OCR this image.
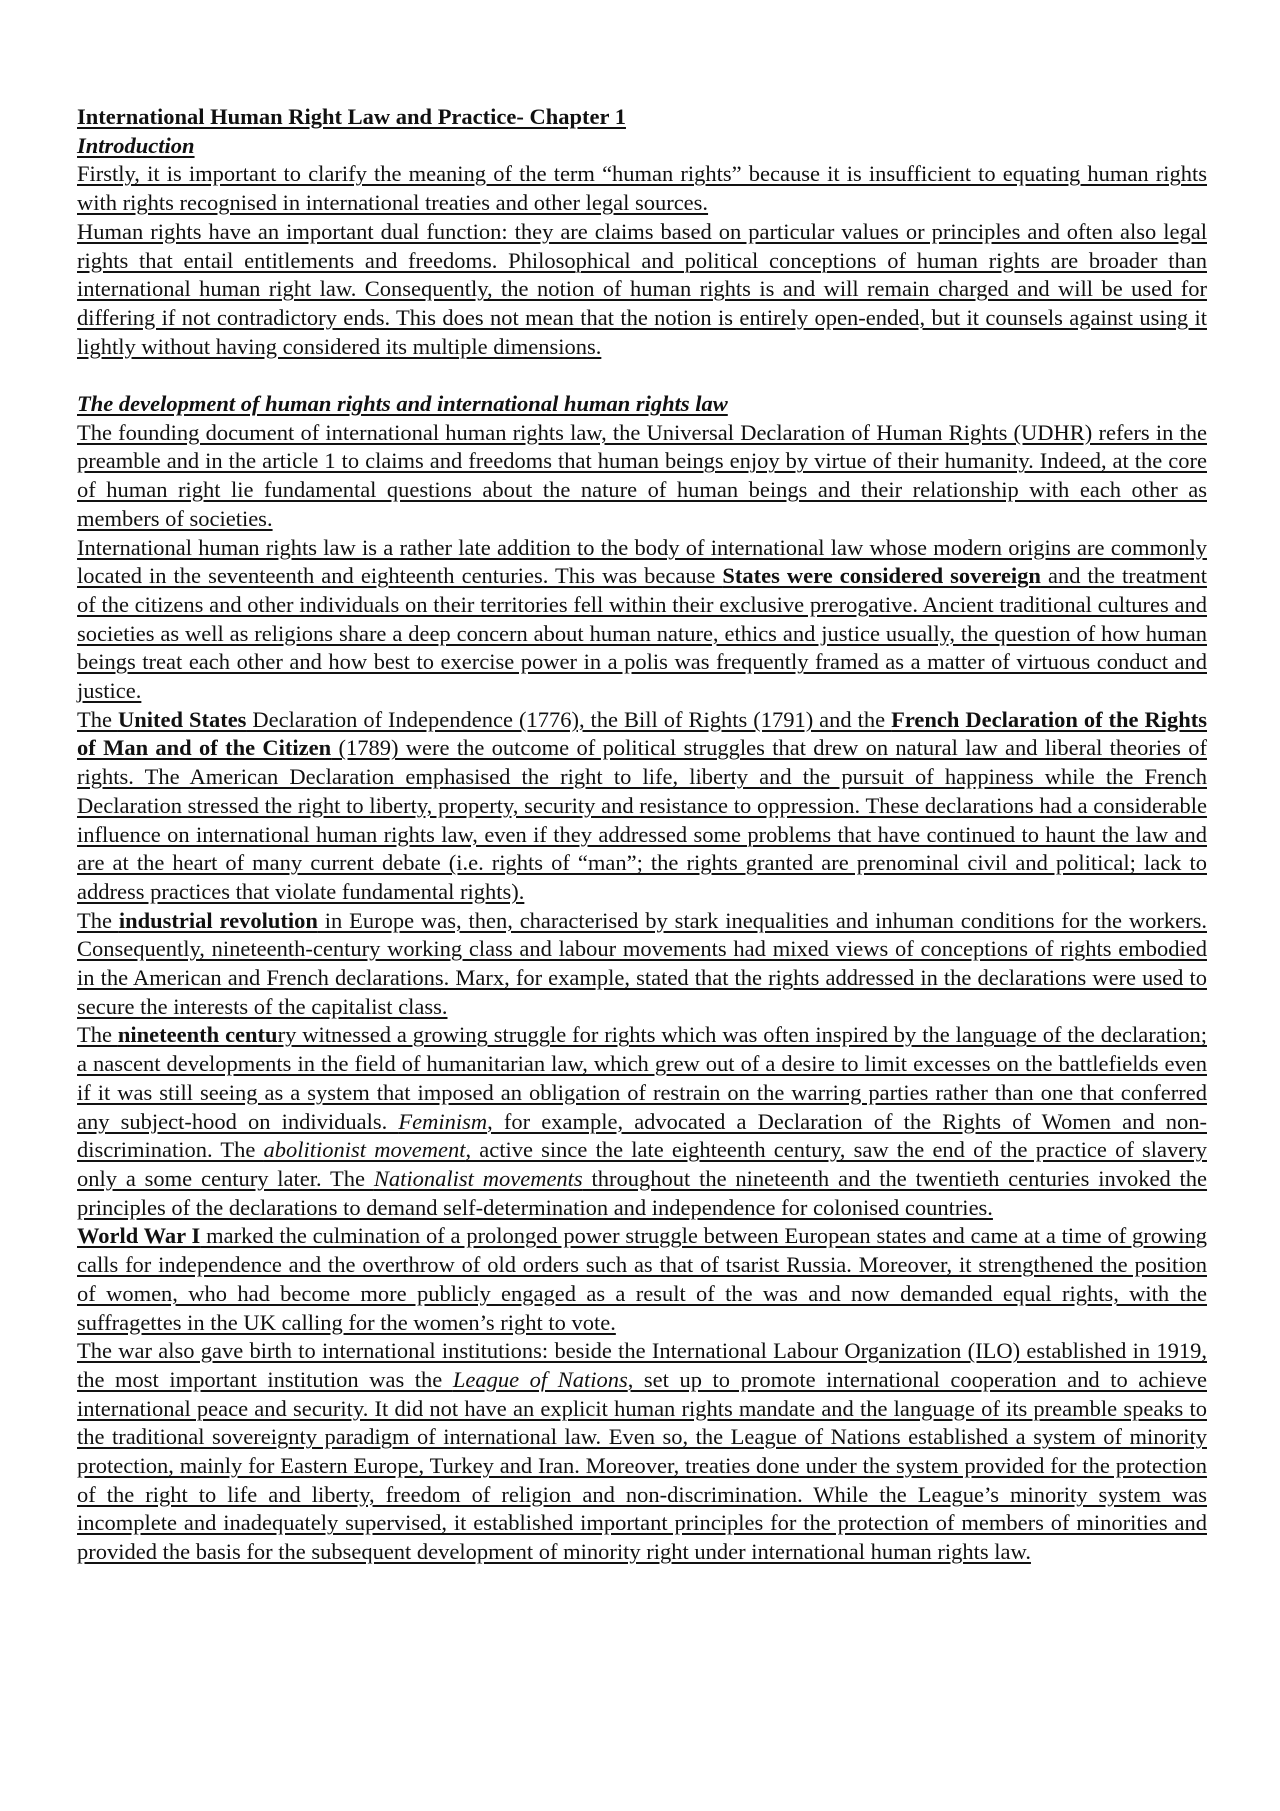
International Human Right Law and Practice- Chapter 1

Introduction

Firstly, it is important to clarify the meaning of the term “human rights” because it is insufficient to equating human rights with rights recognised in international treaties and other legal sources.

Human rights have an important dual function: they are claims based on particular values or principles and often also legal rights that entail entitlements and freedoms. Philosophical and political conceptions of human rights are broader than international human right law. Consequently, the notion of human rights is and will remain charged and will be used for differing if not contradictory ends. This does not mean that the notion is entirely open-ended, but it counsels against using it lightly without having considered its multiple dimensions.

The development of human rights and international human rights law

The founding document of international human rights law, the Universal Declaration of Human Rights (UDHR) refers in the preamble and in the article 1 to claims and freedoms that human beings enjoy by virtue of their humanity. Indeed, at the core of human right lie fundamental questions about the nature of human beings and their relationship with each other as members of societies.

International human rights law is a rather late addition to the body of international law whose modern origins are commonly located in the seventeenth and eighteenth centuries. This was because States were considered sovereign and the treatment of the citizens and other individuals on their territories fell within their exclusive prerogative. Ancient traditional cultures and societies as well as religions share a deep concern about human nature, ethics and justice usually, the question of how human beings treat each other and how best to exercise power in a polis was frequently framed as a matter of virtuous conduct and justice.

The United States Declaration of Independence (1776), the Bill of Rights (1791) and the French Declaration of the Rights of Man and of the Citizen (1789) were the outcome of political struggles that drew on natural law and liberal theories of rights. The American Declaration emphasised the right to life, liberty and the pursuit of happiness while the French Declaration stressed the right to liberty, property, security and resistance to oppression. These declarations had a considerable influence on international human rights law, even if they addressed some problems that have continued to haunt the law and are at the heart of many current debate (i.e. rights of “man”; the rights granted are prenominal civil and political; lack to address practices that violate fundamental rights).

The industrial revolution in Europe was, then, characterised by stark inequalities and inhuman conditions for the workers. Consequently, nineteenth-century working class and labour movements had mixed views of conceptions of rights embodied in the American and French declarations. Marx, for example, stated that the rights addressed in the declarations were used to secure the interests of the capitalist class.

The nineteenth century witnessed a growing struggle for rights which was often inspired by the language of the declaration; a nascent developments in the field of humanitarian law, which grew out of a desire to limit excesses on the battlefields even if it was still seeing as a system that imposed an obligation of restrain on the warring parties rather than one that conferred any subject-hood on individuals. Feminism, for example, advocated a Declaration of the Rights of Women and non-discrimination. The abolitionist movement, active since the late eighteenth century, saw the end of the practice of slavery only a some century later. The Nationalist movements throughout the nineteenth and the twentieth centuries invoked the principles of the declarations to demand self-determination and independence for colonised countries.

World War I marked the culmination of a prolonged power struggle between European states and came at a time of growing calls for independence and the overthrow of old orders such as that of tsarist Russia. Moreover, it strengthened the position of women, who had become more publicly engaged as a result of the was and now demanded equal rights, with the suffragettes in the UK calling for the women’s right to vote.

The war also gave birth to international institutions: beside the International Labour Organization (ILO) established in 1919, the most important institution was the League of Nations, set up to promote international cooperation and to achieve international peace and security. It did not have an explicit human rights mandate and the language of its preamble speaks to the traditional sovereignty paradigm of international law. Even so, the League of Nations established a system of minority protection, mainly for Eastern Europe, Turkey and Iran. Moreover, treaties done under the system provided for the protection of the right to life and liberty, freedom of religion and non-discrimination. While the League’s minority system was incomplete and inadequately supervised, it established important principles for the protection of members of minorities and provided the basis for the subsequent development of minority right under international human rights law.
